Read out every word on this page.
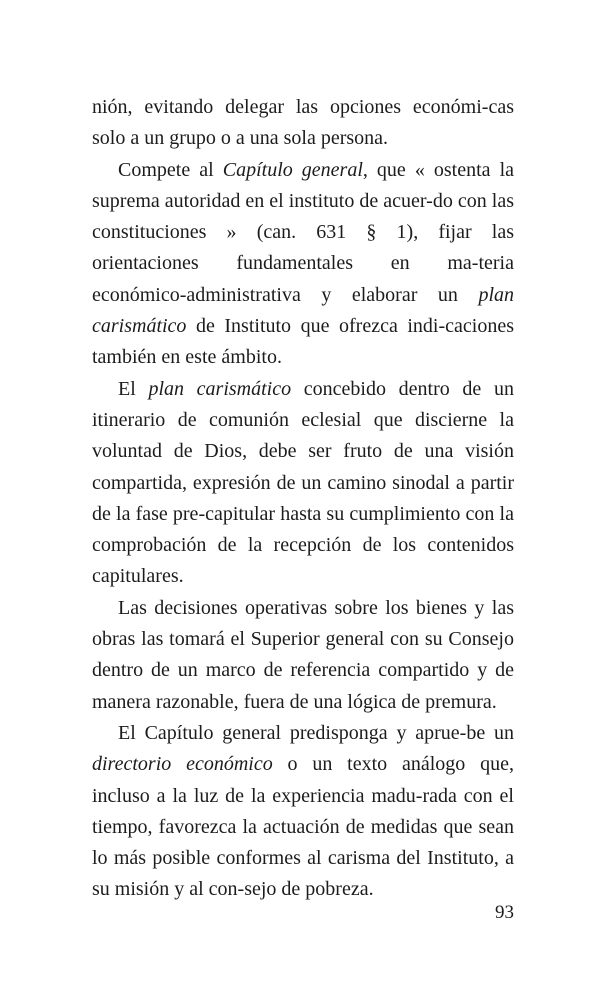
nión, evitando delegar las opciones económi-cas solo a un grupo o a una sola persona.

Compete al Capítulo general, que « ostenta la suprema autoridad en el instituto de acuer-do con las constituciones » (can. 631 § 1), fijar las orientaciones fundamentales en ma-teria económico-administrativa y elaborar un plan carismático de Instituto que ofrezca indi-caciones también en este ámbito.

El plan carismático concebido dentro de un itinerario de comunión eclesial que discierne la voluntad de Dios, debe ser fruto de una visión compartida, expresión de un camino sinodal a partir de la fase pre-capitular hasta su cumplimiento con la comprobación de la recepción de los contenidos capitulares.

Las decisiones operativas sobre los bienes y las obras las tomará el Superior general con su Consejo dentro de un marco de referencia compartido y de manera razonable, fuera de una lógica de premura.

El Capítulo general predisponga y aprue-be un directorio económico o un texto análogo que, incluso a la luz de la experiencia madu-rada con el tiempo, favorezca la actuación de medidas que sean lo más posible conformes al carisma del Instituto, a su misión y al con-sejo de pobreza.

93
